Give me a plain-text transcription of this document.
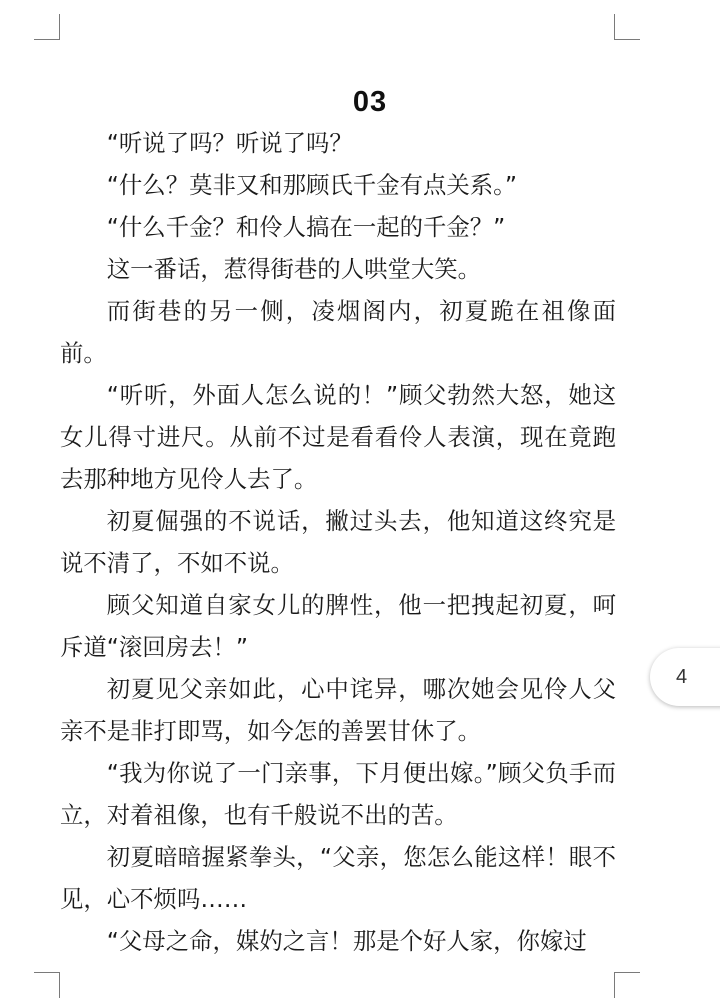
03

“听说了吗？听说了吗？

“什么？莫非又和那顾氏千金有点关系。”

“什么千金？和伶人搞在一起的千金？”

这一番话，惹得街巷的人哄堂大笑。

而街巷的另一侧，凌烟阁内，初夏跪在祖像面前。

“听听，外面人怎么说的！”顾父勃然大怒，她这女儿得寸进尺。从前不过是看看伶人表演，现在竟跑去那种地方见伶人去了。

初夏倔强的不说话，撇过头去，他知道这终究是说不清了，不如不说。

顾父知道自家女儿的脾性，他一把拽起初夏，呵斥道“滚回房去！”

初夏见父亲如此，心中诧异，哪次她会见伶人父亲不是非打即骂，如今怎的善罢甘休了。

“我为你说了一门亲事，下月便出嫁。”顾父负手而立，对着祖像，也有千般说不出的苦。

初夏暗暗握紧拳头，“父亲，您怎么能这样！眼不见，心不烦吗……

“父母之命，媒妁之言！那是个好人家，你嫁过

4
